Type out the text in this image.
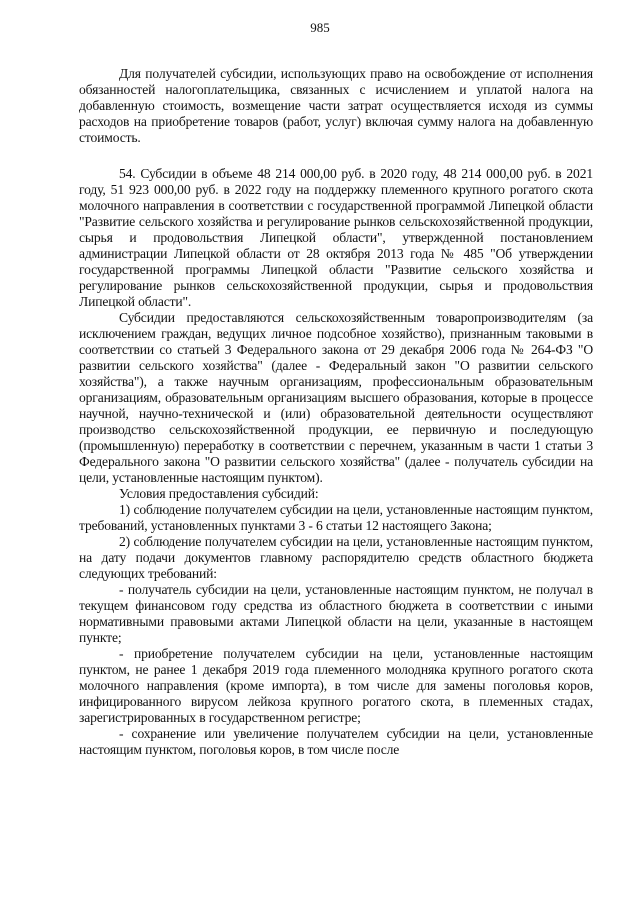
985

Для получателей субсидии, использующих право на освобождение от исполнения обязанностей налогоплательщика, связанных с исчислением и уплатой налога на добавленную стоимость, возмещение части затрат осуществляется исходя из суммы расходов на приобретение товаров (работ, услуг) включая сумму налога на добавленную стоимость.

54. Субсидии в объеме 48 214 000,00 руб. в 2020 году, 48 214 000,00 руб. в 2021 году, 51 923 000,00 руб. в 2022 году на поддержку племенного крупного рогатого скота молочного направления в соответствии с государственной программой Липецкой области "Развитие сельского хозяйства и регулирование рынков сельскохозяйственной продукции, сырья и продовольствия Липецкой области", утвержденной постановлением администрации Липецкой области от 28 октября 2013 года № 485 "Об утверждении государственной программы Липецкой области "Развитие сельского хозяйства и регулирование рынков сельскохозяйственной продукции, сырья и продовольствия Липецкой области".

Субсидии предоставляются сельскохозяйственным товаропроизводителям (за исключением граждан, ведущих личное подсобное хозяйство), признанным таковыми в соответствии со статьей 3 Федерального закона от 29 декабря 2006 года № 264-ФЗ "О развитии сельского хозяйства" (далее - Федеральный закон "О развитии сельского хозяйства"), а также научным организациям, профессиональным образовательным организациям, образовательным организациям высшего образования, которые в процессе научной, научно-технической и (или) образовательной деятельности осуществляют производство сельскохозяйственной продукции, ее первичную и последующую (промышленную) переработку в соответствии с перечнем, указанным в части 1 статьи 3 Федерального закона "О развитии сельского хозяйства" (далее - получатель субсидии на цели, установленные настоящим пунктом).

Условия предоставления субсидий:

1) соблюдение получателем субсидии на цели, установленные настоящим пунктом, требований, установленных пунктами 3 - 6 статьи 12 настоящего Закона;

2) соблюдение получателем субсидии на цели, установленные настоящим пунктом, на дату подачи документов главному распорядителю средств областного бюджета следующих требований:

- получатель субсидии на цели, установленные настоящим пунктом, не получал в текущем финансовом году средства из областного бюджета в соответствии с иными нормативными правовыми актами Липецкой области на цели, указанные в настоящем пункте;

- приобретение получателем субсидии на цели, установленные настоящим пунктом, не ранее 1 декабря 2019 года племенного молодняка крупного рогатого скота молочного направления (кроме импорта), в том числе для замены поголовья коров, инфицированного вирусом лейкоза крупного рогатого скота, в племенных стадах, зарегистрированных в государственном регистре;

- сохранение или увеличение получателем субсидии на цели, установленные настоящим пунктом, поголовья коров, в том числе после
